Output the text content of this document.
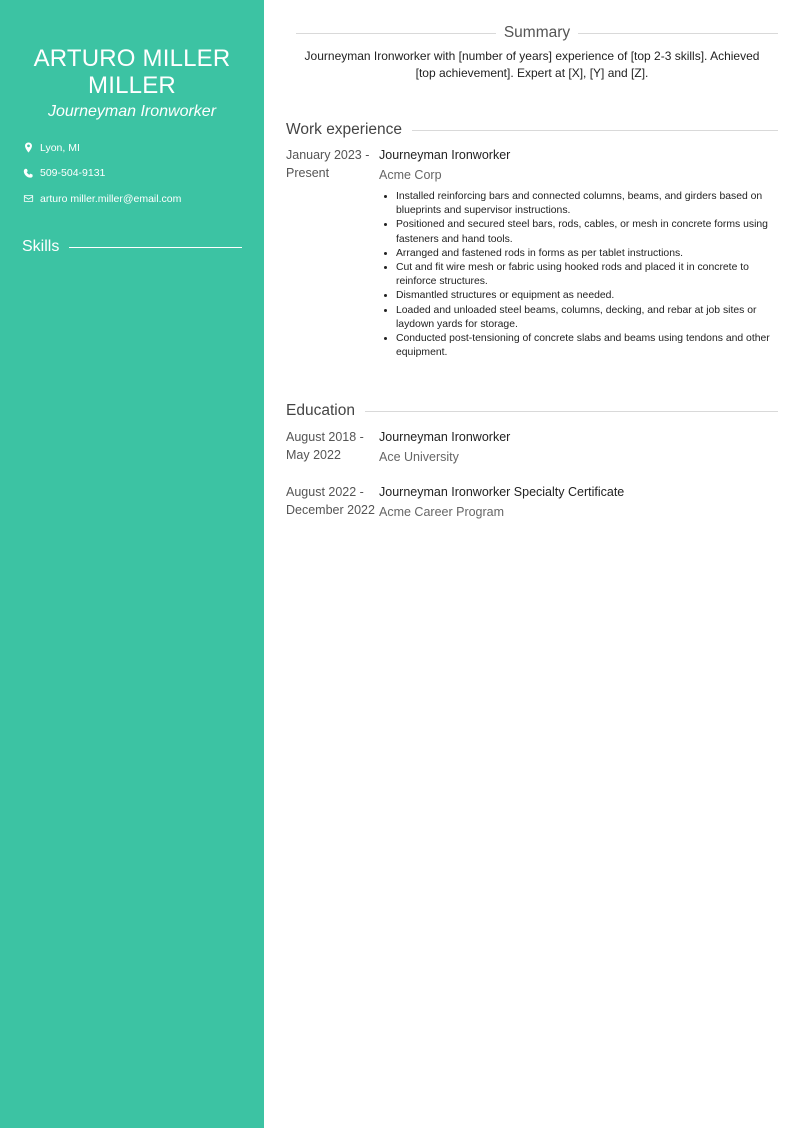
ARTURO MILLER
MILLER
Journeyman Ironworker
Lyon, MI
509-504-9131
arturo miller.miller@email.com
Skills
Summary
Journeyman Ironworker with [number of years] experience of [top 2-3 skills]. Achieved [top achievement]. Expert at [X], [Y] and [Z].
Work experience
January 2023 -
Present
Journeyman Ironworker
Acme Corp
• Installed reinforcing bars and connected columns, beams, and girders based on blueprints and supervisor instructions.
• Positioned and secured steel bars, rods, cables, or mesh in concrete forms using fasteners and hand tools.
• Arranged and fastened rods in forms as per tablet instructions.
• Cut and fit wire mesh or fabric using hooked rods and placed it in concrete to reinforce structures.
• Dismantled structures or equipment as needed.
• Loaded and unloaded steel beams, columns, decking, and rebar at job sites or laydown yards for storage.
• Conducted post-tensioning of concrete slabs and beams using tendons and other equipment.
Education
August 2018 -
May 2022
Journeyman Ironworker
Ace University
August 2022 -
December 2022
Journeyman Ironworker Specialty Certificate
Acme Career Program
